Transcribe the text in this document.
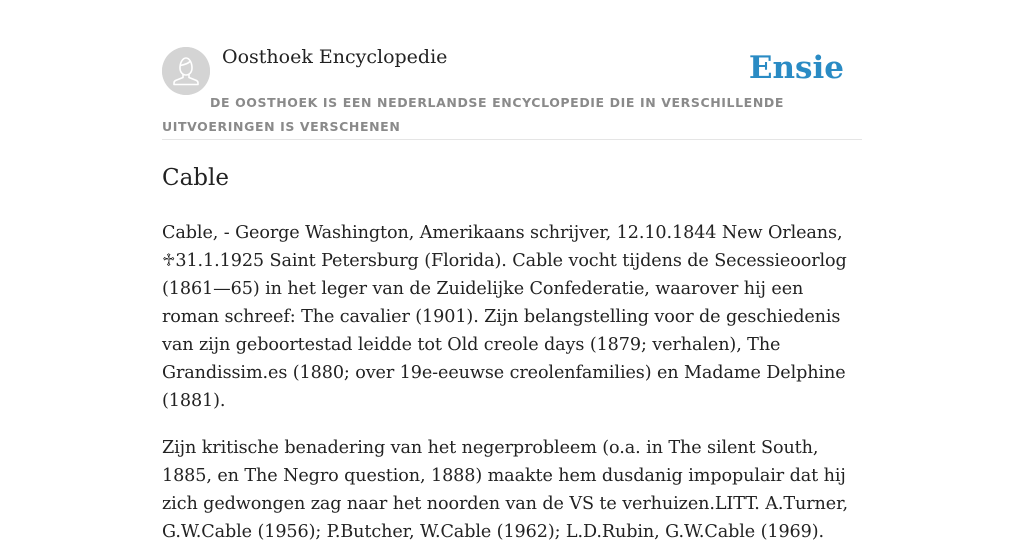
Oosthoek Encyclopedie	Ensie

DE OOSTHOEK IS EEN NEDERLANDSE ENCYCLOPEDIE DIE IN VERSCHILLENDE UITVOERINGEN IS VERSCHENEN

Cable

Cable, - George Washington, Amerikaans schrijver, 12.10.1844 New Orleans, ♱31.1.1925 Saint Petersburg (Florida). Cable vocht tijdens de Secessieoorlog (1861—65) in het leger van de Zuidelijke Confederatie, waarover hij een roman schreef: The cavalier (1901). Zijn belangstelling voor de geschiedenis van zijn geboortestad leidde tot Old creole days (1879; verhalen), The Grandissim.es (1880; over 19e-eeuwse creolenfamilies) en Madame Delphine (1881).

Zijn kritische benadering van het negerprobleem (o.a. in The silent South, 1885, en The Negro question, 1888) maakte hem dusdanig impopulair dat hij zich gedwongen zag naar het noorden van de VS te verhuizen.LITT. A.Turner, G.W.Cable (1956); P.Butcher, W.Cable (1962); L.D.Rubin, G.W.Cable (1969).
